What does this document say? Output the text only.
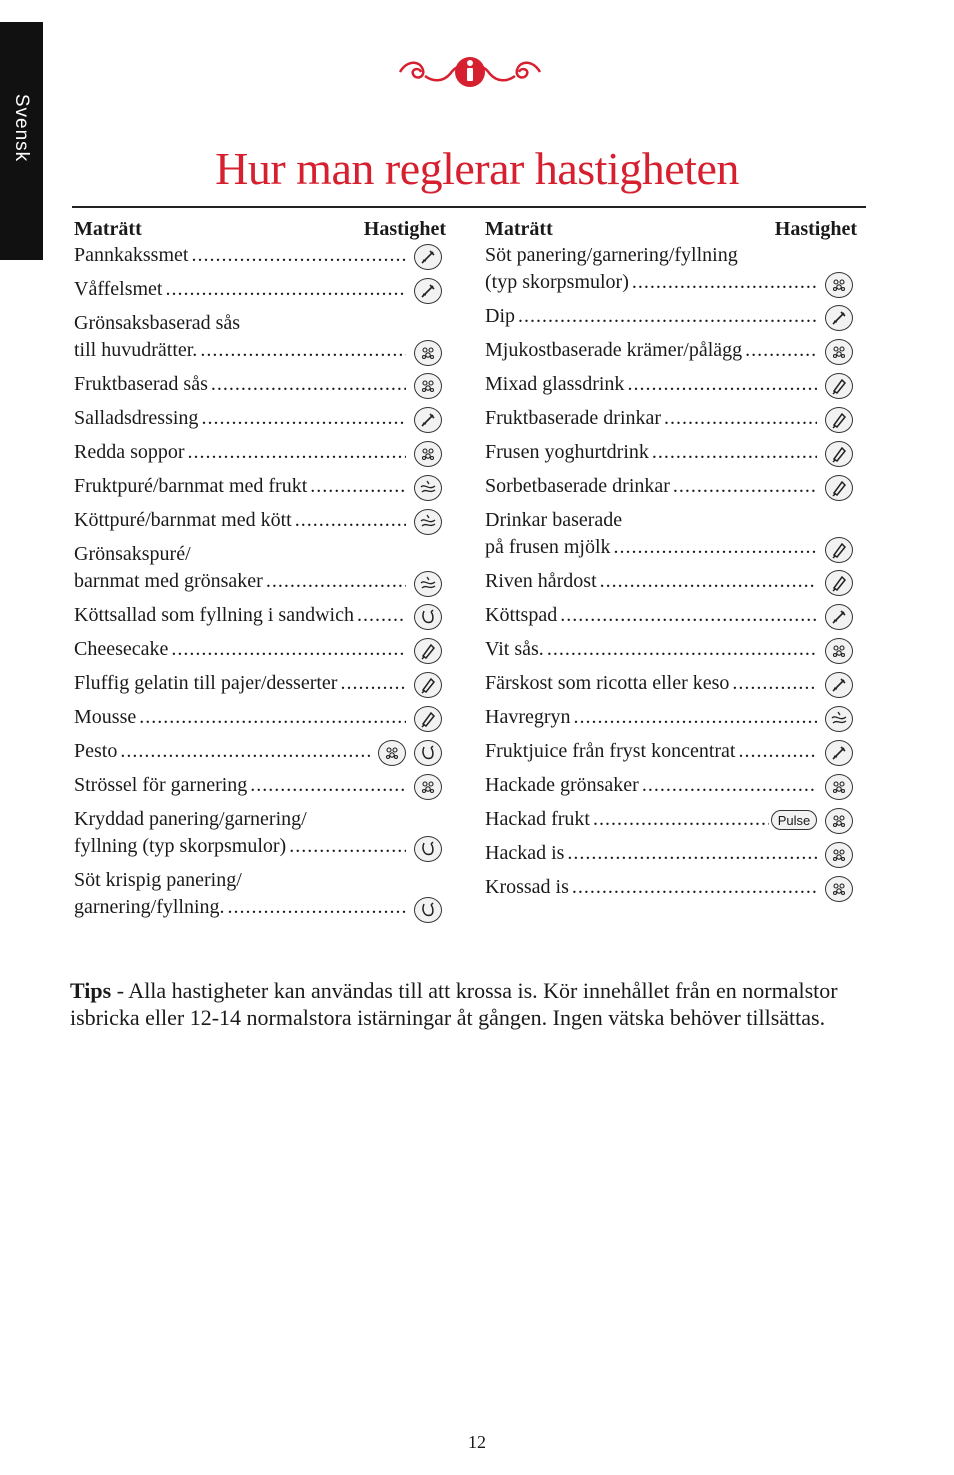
Svensk
Hur man reglerar hastigheten
Maträtt	Hastighet
Pannkakssmet
.....
Våffelsmet
.....
Grönsaksbaserad sås
till huvudrätter.
.....
Fruktbaserad sås
.....
Salladsdressing
.....
Redda soppor
.....
Fruktpuré/barnmat med frukt
.....
Köttpuré/barnmat med kött
.....
Grönsakspuré/
barnmat med grönsaker
.....
Köttsallad som fyllning i sandwich
.....
Cheesecake
.....
Fluffig gelatin till pajer/desserter
.....
Mousse
.....
Pesto
.....
Strössel för garnering
.....
Kryddad panering/garnering/
fyllning (typ skorpsmulor)
.....
Söt krispig panering/
garnering/fyllning.
.....
Maträtt	Hastighet
Söt panering/garnering/fyllning
(typ skorpsmulor)
.....
Dip
.....
Mjukostbaserade krämer/pålägg
.....
Mixad glassdrink
.....
Fruktbaserade drinkar
.....
Frusen yoghurtdrink
.....
Sorbetbaserade drinkar
.....
Drinkar baserade
på frusen mjölk
.....
Riven hårdost
.....
Köttspad
.....
Vit sås.
.....
Färskost som ricotta eller keso
.....
Havregryn
.....
Fruktjuice från fryst koncentrat
.....
Hackade grönsaker
.....
Hackad frukt
.....	Pulse
Hackad is
.....
Krossad is
.....

Tips - Alla hastigheter kan användas till att krossa is. Kör innehållet från en normalstor isbricka eller 12-14 normalstora istärningar åt gången. Ingen vätska behöver tillsättas.

12
